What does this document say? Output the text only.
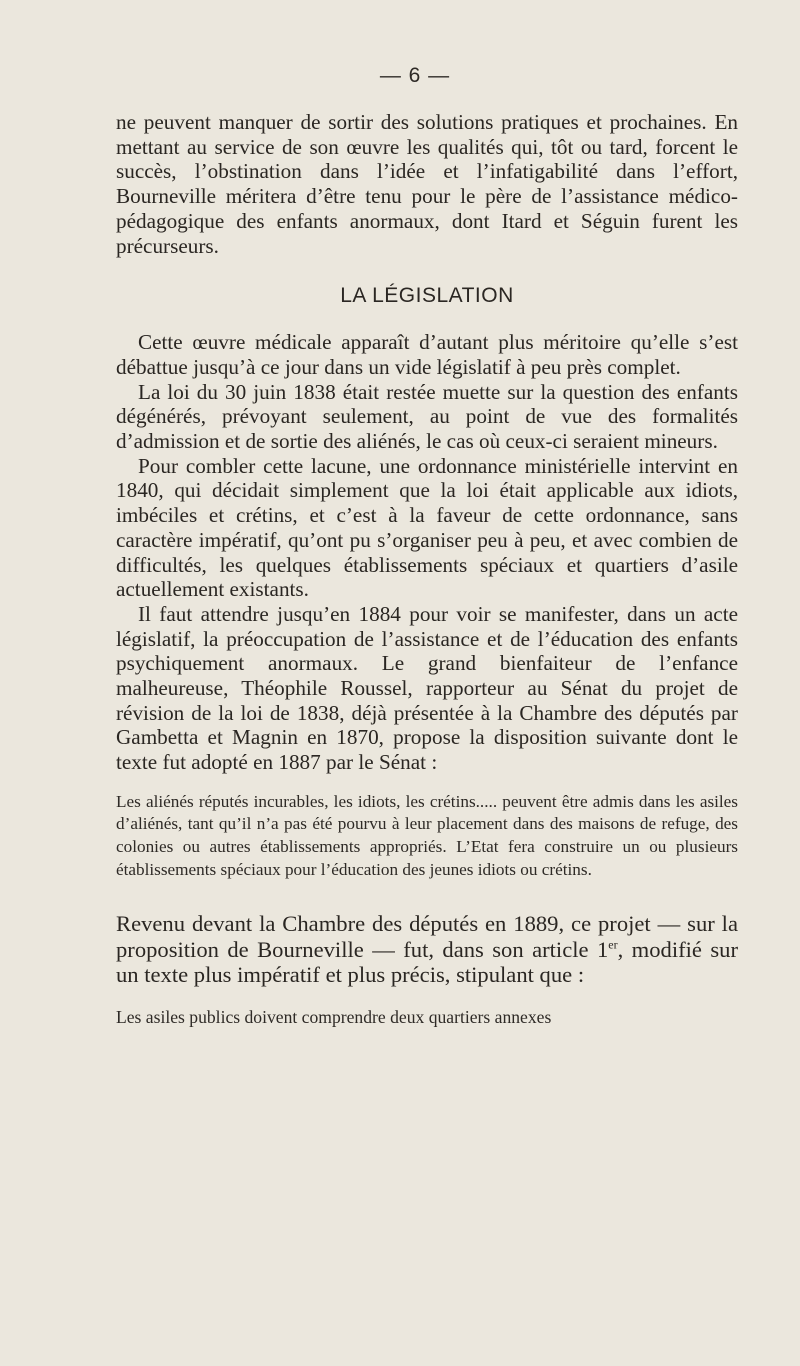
— 6 —

ne peuvent manquer de sortir des solutions pratiques et prochaines. En mettant au service de son œuvre les qualités qui, tôt ou tard, forcent le succès, l’obstination dans l’idée et l’infatigabilité dans l’effort, Bourneville méritera d’être tenu pour le père de l’assistance médico-pédagogique des enfants anormaux, dont Itard et Séguin furent les précurseurs.

LA LÉGISLATION

Cette œuvre médicale apparaît d’autant plus méritoire qu’elle s’est débattue jusqu’à ce jour dans un vide législatif à peu près complet.

La loi du 30 juin 1838 était restée muette sur la question des enfants dégénérés, prévoyant seulement, au point de vue des formalités d’admission et de sortie des aliénés, le cas où ceux-ci seraient mineurs.

Pour combler cette lacune, une ordonnance ministérielle intervint en 1840, qui décidait simplement que la loi était applicable aux idiots, imbéciles et crétins, et c’est à la faveur de cette ordonnance, sans caractère impératif, qu’ont pu s’organiser peu à peu, et avec combien de difficultés, les quelques établissements spéciaux et quartiers d’asile actuellement existants.

Il faut attendre jusqu’en 1884 pour voir se manifester, dans un acte législatif, la préoccupation de l’assistance et de l’éducation des enfants psychiquement anormaux. Le grand bienfaiteur de l’enfance malheureuse, Théophile Roussel, rapporteur au Sénat du projet de révision de la loi de 1838, déjà présentée à la Chambre des députés par Gambetta et Magnin en 1870, propose la disposition suivante dont le texte fut adopté en 1887 par le Sénat :

Les aliénés réputés incurables, les idiots, les crétins..... peuvent être admis dans les asiles d’aliénés, tant qu’il n’a pas été pourvu à leur placement dans des maisons de refuge, des colonies ou autres établissements appropriés. L’Etat fera construire un ou plusieurs établissements spéciaux pour l’éducation des jeunes idiots ou crétins.

Revenu devant la Chambre des députés en 1889, ce projet — sur la proposition de Bourneville — fut, dans son article 1er, modifié sur un texte plus impératif et plus précis, stipulant que :

Les asiles publics doivent comprendre deux quartiers annexes
